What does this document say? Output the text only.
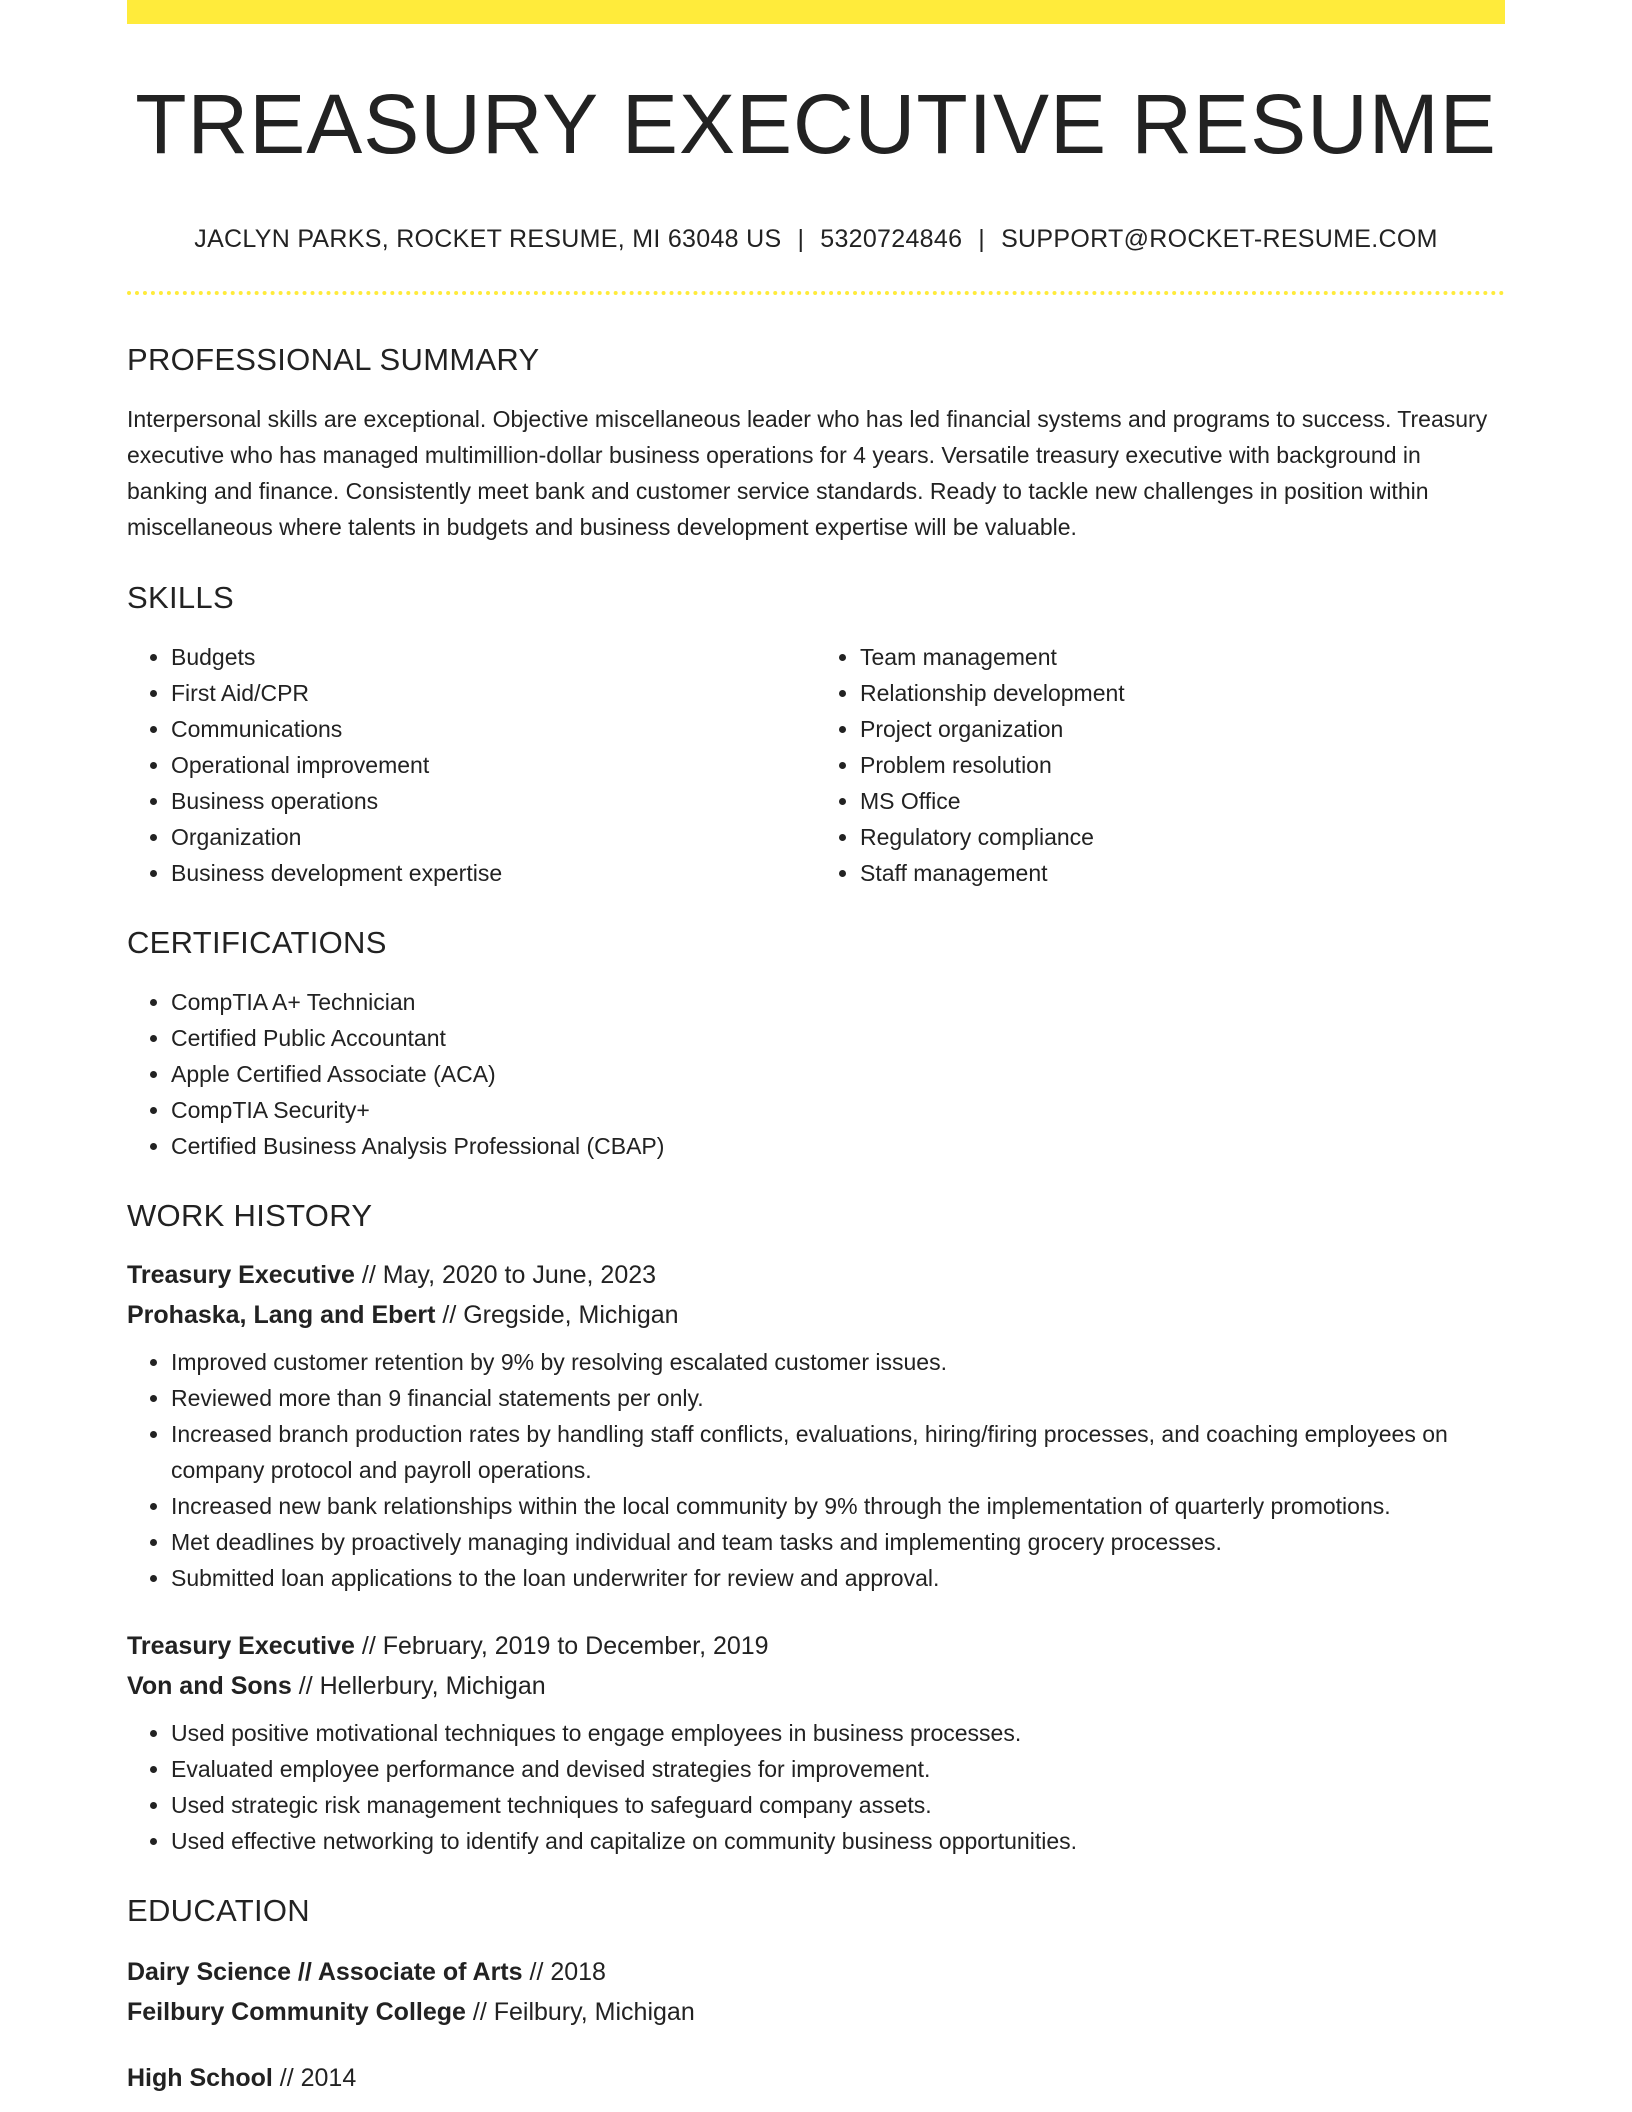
TREASURY EXECUTIVE RESUME
JACLYN PARKS, ROCKET RESUME, MI 63048 US | 5320724846 | SUPPORT@ROCKET-RESUME.COM
PROFESSIONAL SUMMARY
Interpersonal skills are exceptional. Objective miscellaneous leader who has led financial systems and programs to success. Treasury executive who has managed multimillion-dollar business operations for 4 years. Versatile treasury executive with background in banking and finance. Consistently meet bank and customer service standards. Ready to tackle new challenges in position within miscellaneous where talents in budgets and business development expertise will be valuable.
SKILLS
• Budgets
• First Aid/CPR
• Communications
• Operational improvement
• Business operations
• Organization
• Business development expertise
• Team management
• Relationship development
• Project organization
• Problem resolution
• MS Office
• Regulatory compliance
• Staff management
CERTIFICATIONS
• CompTIA A+ Technician
• Certified Public Accountant
• Apple Certified Associate (ACA)
• CompTIA Security+
• Certified Business Analysis Professional (CBAP)
WORK HISTORY
Treasury Executive // May, 2020 to June, 2023
Prohaska, Lang and Ebert // Gregside, Michigan
• Improved customer retention by 9% by resolving escalated customer issues.
• Reviewed more than 9 financial statements per only.
• Increased branch production rates by handling staff conflicts, evaluations, hiring/firing processes, and coaching employees on company protocol and payroll operations.
• Increased new bank relationships within the local community by 9% through the implementation of quarterly promotions.
• Met deadlines by proactively managing individual and team tasks and implementing grocery processes.
• Submitted loan applications to the loan underwriter for review and approval.
Treasury Executive // February, 2019 to December, 2019
Von and Sons // Hellerbury, Michigan
• Used positive motivational techniques to engage employees in business processes.
• Evaluated employee performance and devised strategies for improvement.
• Used strategic risk management techniques to safeguard company assets.
• Used effective networking to identify and capitalize on community business opportunities.
EDUCATION
Dairy Science // Associate of Arts // 2018
Feilbury Community College // Feilbury, Michigan
High School // 2014
